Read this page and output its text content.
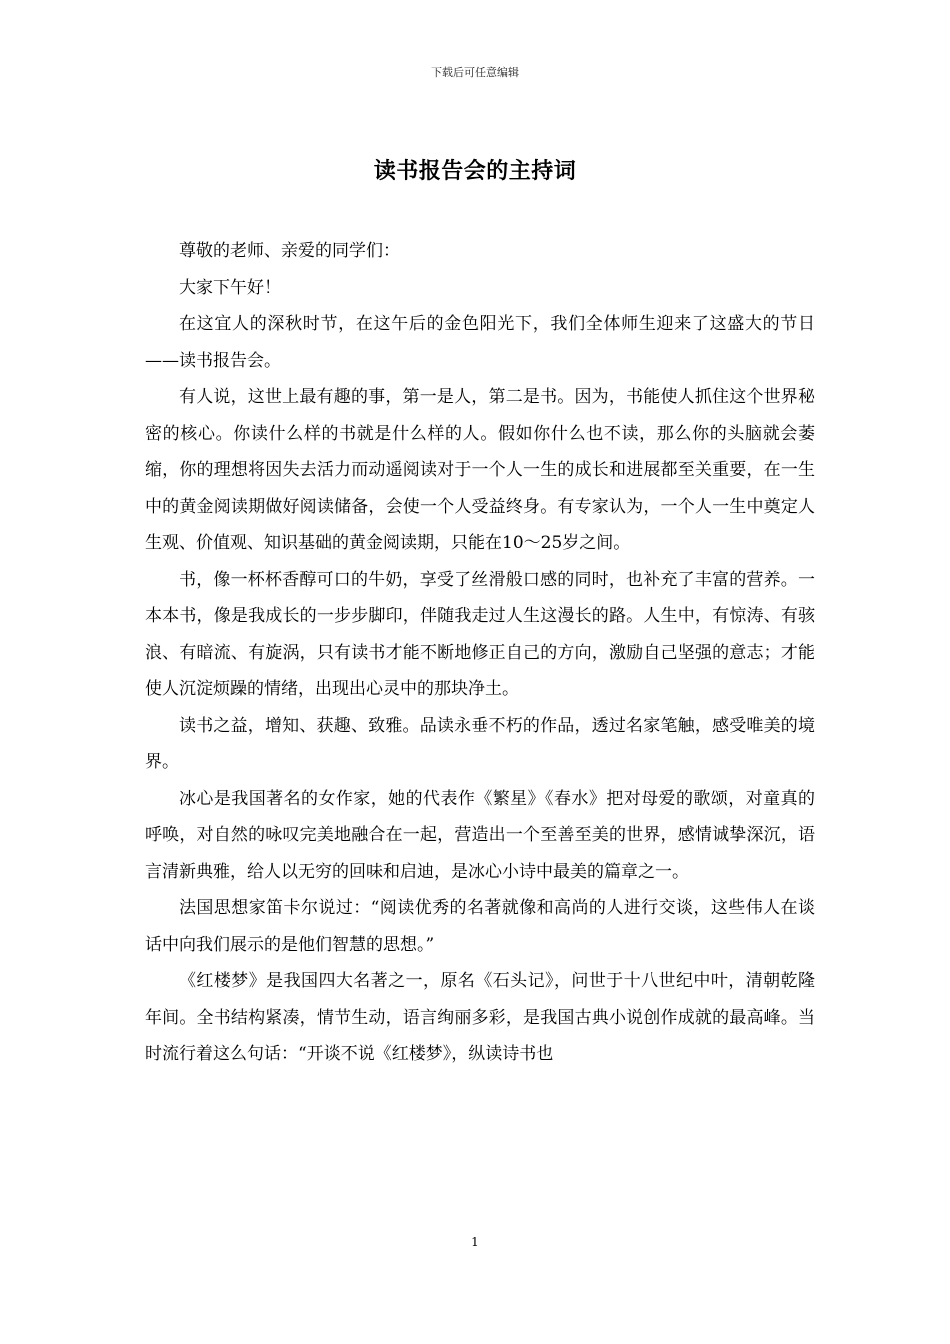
下载后可任意编辑
读书报告会的主持词

尊敬的老师、亲爱的同学们：

大家下午好！

在这宜人的深秋时节，在这午后的金色阳光下，我们全体师生迎来了这盛大的节日——读书报告会。

有人说，这世上最有趣的事，第一是人，第二是书。因为，书能使人抓住这个世界秘密的核心。你读什么样的书就是什么样的人。假如你什么也不读，那么你的头脑就会萎缩，你的理想将因失去活力而动遥阅读对于一个人一生的成长和进展都至关重要，在一生中的黄金阅读期做好阅读储备，会使一个人受益终身。有专家认为，一个人一生中奠定人生观、价值观、知识基础的黄金阅读期，只能在10～25岁之间。

书，像一杯杯香醇可口的牛奶，享受了丝滑般口感的同时，也补充了丰富的营养。一本本书，像是我成长的一步步脚印，伴随我走过人生这漫长的路。人生中，有惊涛、有骇浪、有暗流、有旋涡，只有读书才能不断地修正自己的方向，激励自己坚强的意志；才能使人沉淀烦躁的情绪，出现出心灵中的那块净土。

读书之益，增知、获趣、致雅。品读永垂不朽的作品，透过名家笔触，感受唯美的境界。

冰心是我国著名的女作家，她的代表作《繁星》《春水》把对母爱的歌颂，对童真的呼唤，对自然的咏叹完美地融合在一起，营造出一个至善至美的世界，感情诚挚深沉，语言清新典雅，给人以无穷的回味和启迪，是冰心小诗中最美的篇章之一。

法国思想家笛卡尔说过：“阅读优秀的名著就像和高尚的人进行交谈，这些伟人在谈话中向我们展示的是他们智慧的思想。”

《红楼梦》是我国四大名著之一，原名《石头记》，问世于十八世纪中叶，清朝乾隆年间。全书结构紧凑，情节生动，语言绚丽多彩，是我国古典小说创作成就的最高峰。当时流行着这么句话：“开谈不说《红楼梦》，纵读诗书也

1
